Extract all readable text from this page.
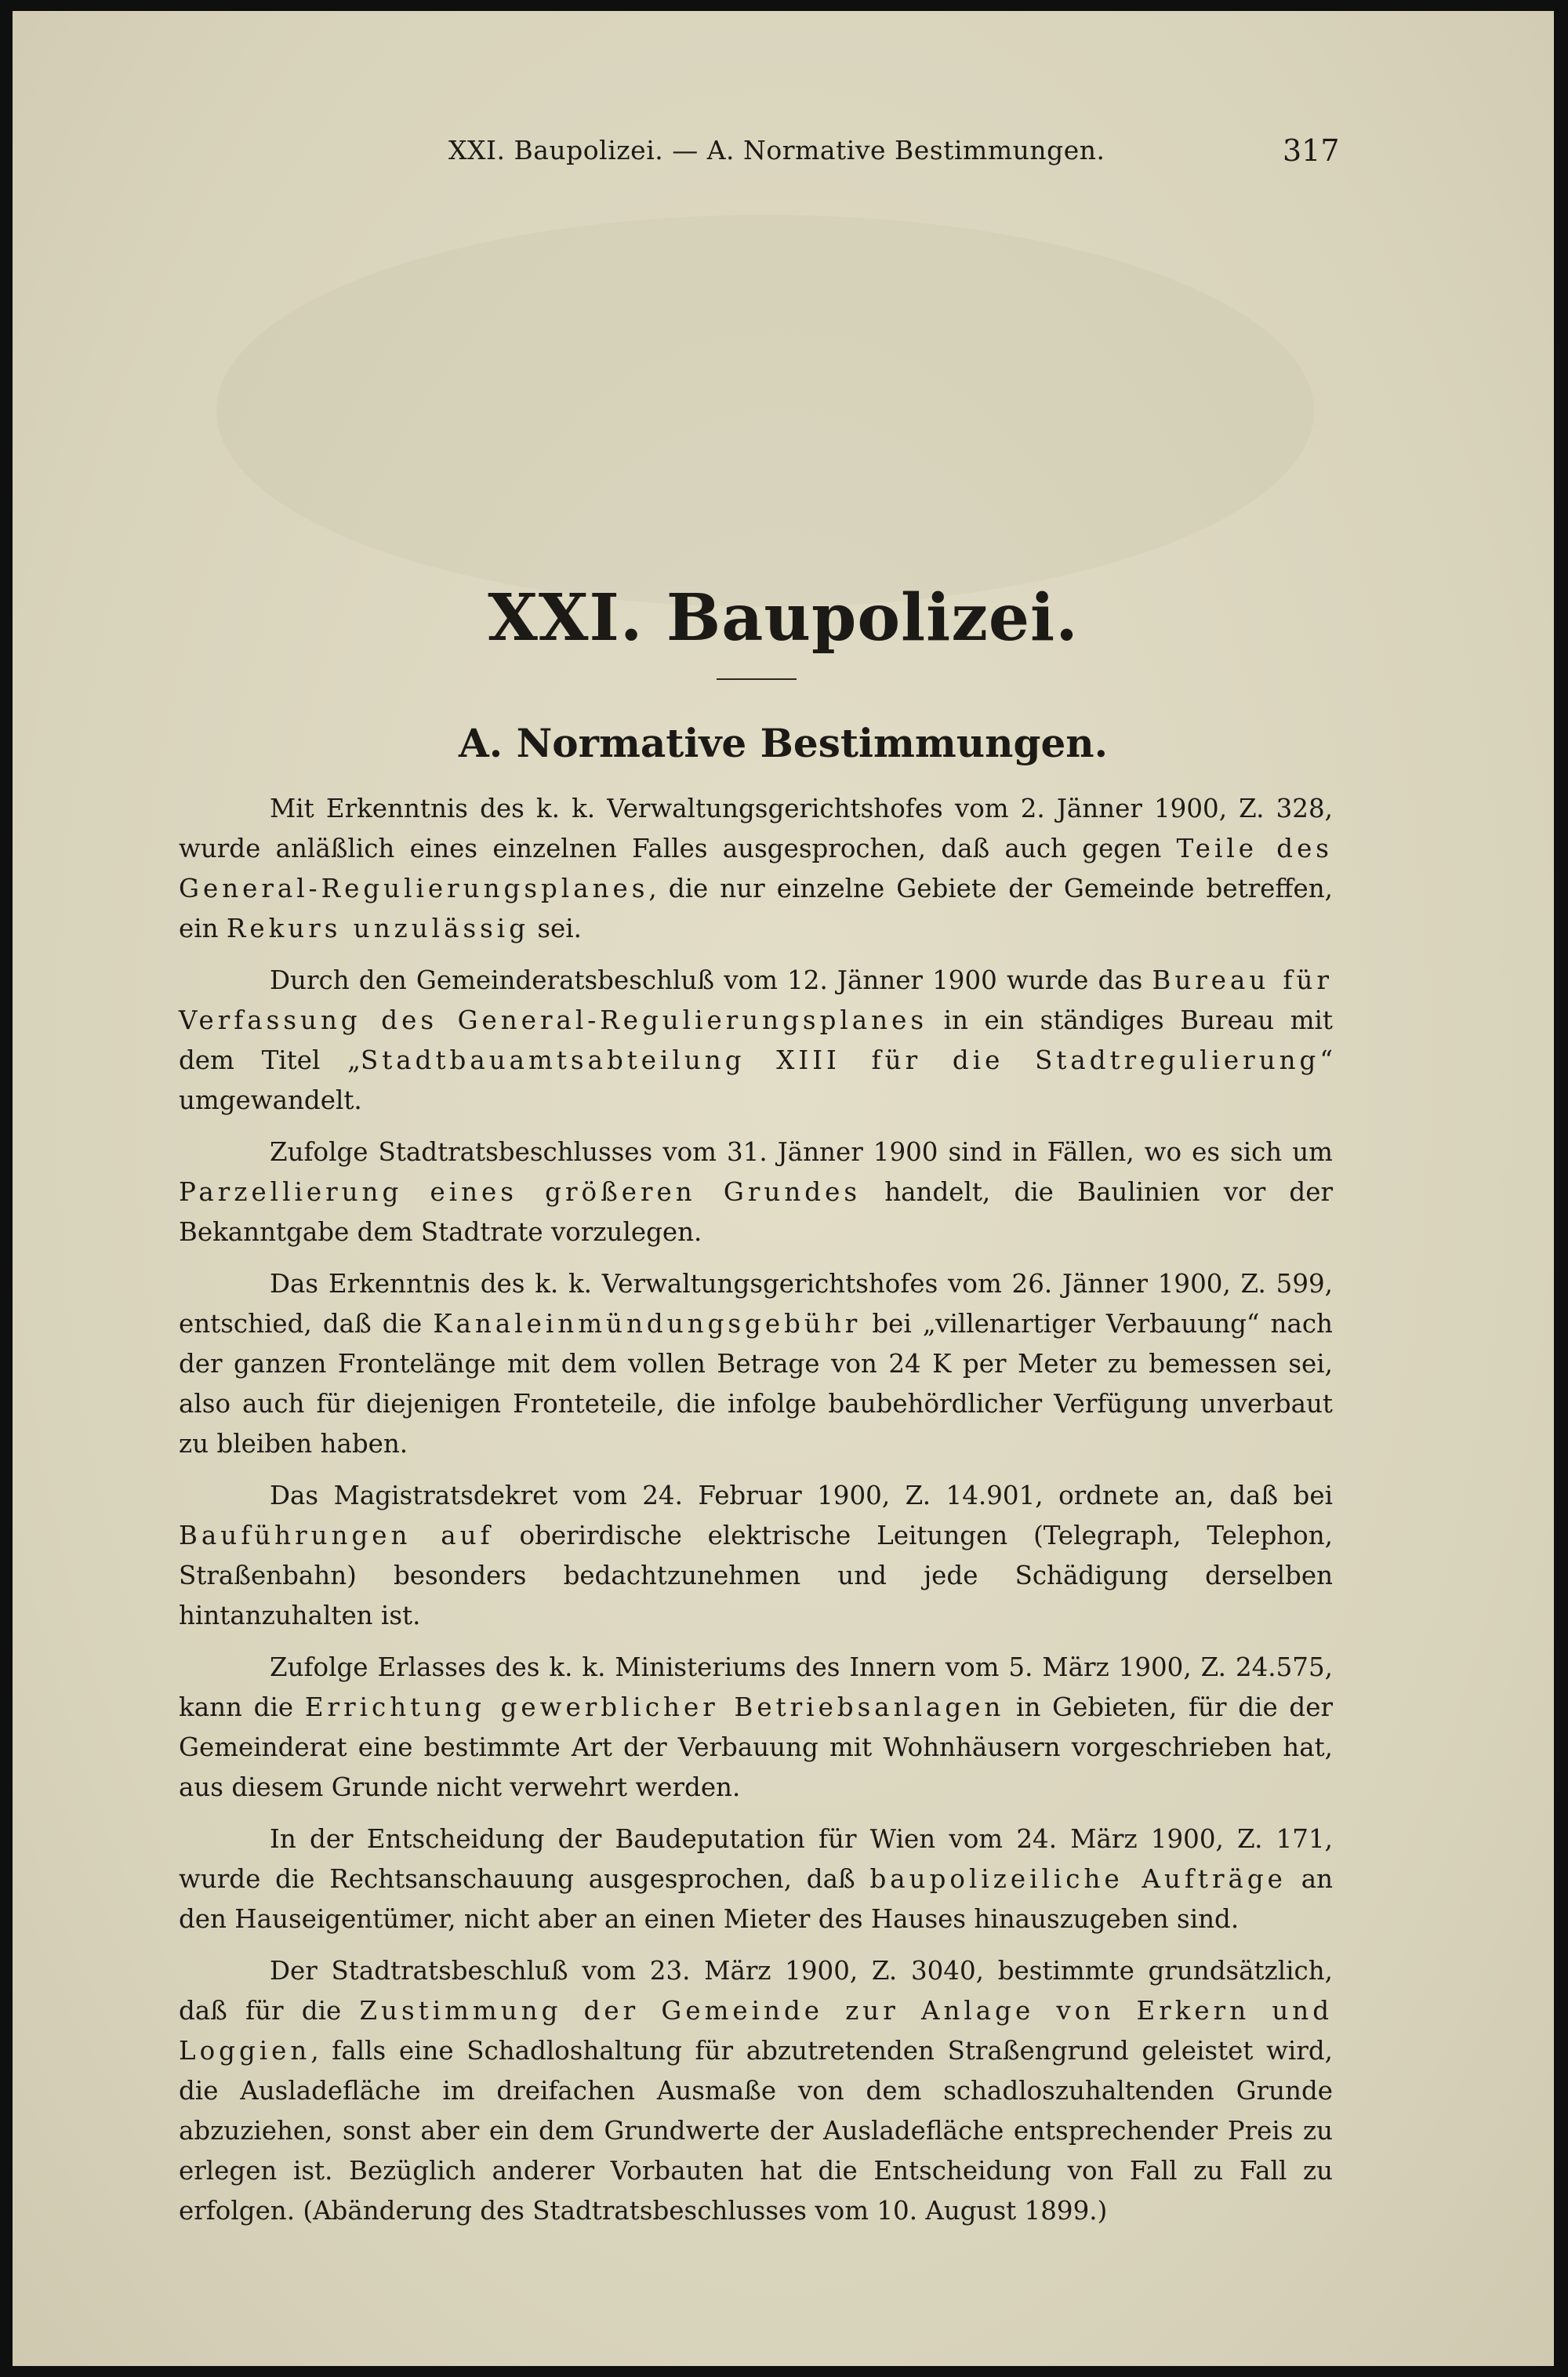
XXI. Baupolizei. — A. Normative Bestimmungen.	317
XXI. Baupolizei.
A. Normative Bestimmungen.

Mit Erkenntnis des k. k. Verwaltungsgerichtshofes vom 2. Jänner 1900, Z. 328, wurde anläßlich eines einzelnen Falles ausgesprochen, daß auch gegen Teile des General-Regulierungsplanes, die nur einzelne Gebiete der Gemeinde betreffen, ein Rekurs unzulässig sei.

Durch den Gemeinderatsbeschluß vom 12. Jänner 1900 wurde das Bureau für Verfassung des General-Regulierungsplanes in ein ständiges Bureau mit dem Titel „Stadtbauamtsabteilung XIII für die Stadtregulierung“ umgewandelt.

Zufolge Stadtratsbeschlusses vom 31. Jänner 1900 sind in Fällen, wo es sich um Parzellierung eines größeren Grundes handelt, die Baulinien vor der Bekanntgabe dem Stadtrate vorzulegen.

Das Erkenntnis des k. k. Verwaltungsgerichtshofes vom 26. Jänner 1900, Z. 599, entschied, daß die Kanaleinmündungsgebühr bei „villenartiger Verbauung“ nach der ganzen Frontelänge mit dem vollen Betrage von 24 K per Meter zu bemessen sei, also auch für diejenigen Fronteteile, die infolge baubehördlicher Verfügung unverbaut zu bleiben haben.

Das Magistratsdekret vom 24. Februar 1900, Z. 14.901, ordnete an, daß bei Bauführungen auf oberirdische elektrische Leitungen (Telegraph, Telephon, Straßenbahn) besonders bedachtzunehmen und jede Schädigung derselben hintanzuhalten ist.

Zufolge Erlasses des k. k. Ministeriums des Innern vom 5. März 1900, Z. 24.575, kann die Errichtung gewerblicher Betriebsanlagen in Gebieten, für die der Gemeinderat eine bestimmte Art der Verbauung mit Wohnhäusern vorgeschrieben hat, aus diesem Grunde nicht verwehrt werden.

In der Entscheidung der Baudeputation für Wien vom 24. März 1900, Z. 171, wurde die Rechtsanschauung ausgesprochen, daß baupolizeiliche Aufträge an den Hauseigentümer, nicht aber an einen Mieter des Hauses hinauszugeben sind.

Der Stadtratsbeschluß vom 23. März 1900, Z. 3040, bestimmte grundsätzlich, daß für die Zustimmung der Gemeinde zur Anlage von Erkern und Loggien, falls eine Schadloshaltung für abzutretenden Straßengrund geleistet wird, die Ausladefläche im dreifachen Ausmaße von dem schadloszuhaltenden Grunde abzuziehen, sonst aber ein dem Grundwerte der Ausladefläche entsprechender Preis zu erlegen ist. Bezüglich anderer Vorbauten hat die Entscheidung von Fall zu Fall zu erfolgen. (Abänderung des Stadtratsbeschlusses vom 10. August 1899.)
